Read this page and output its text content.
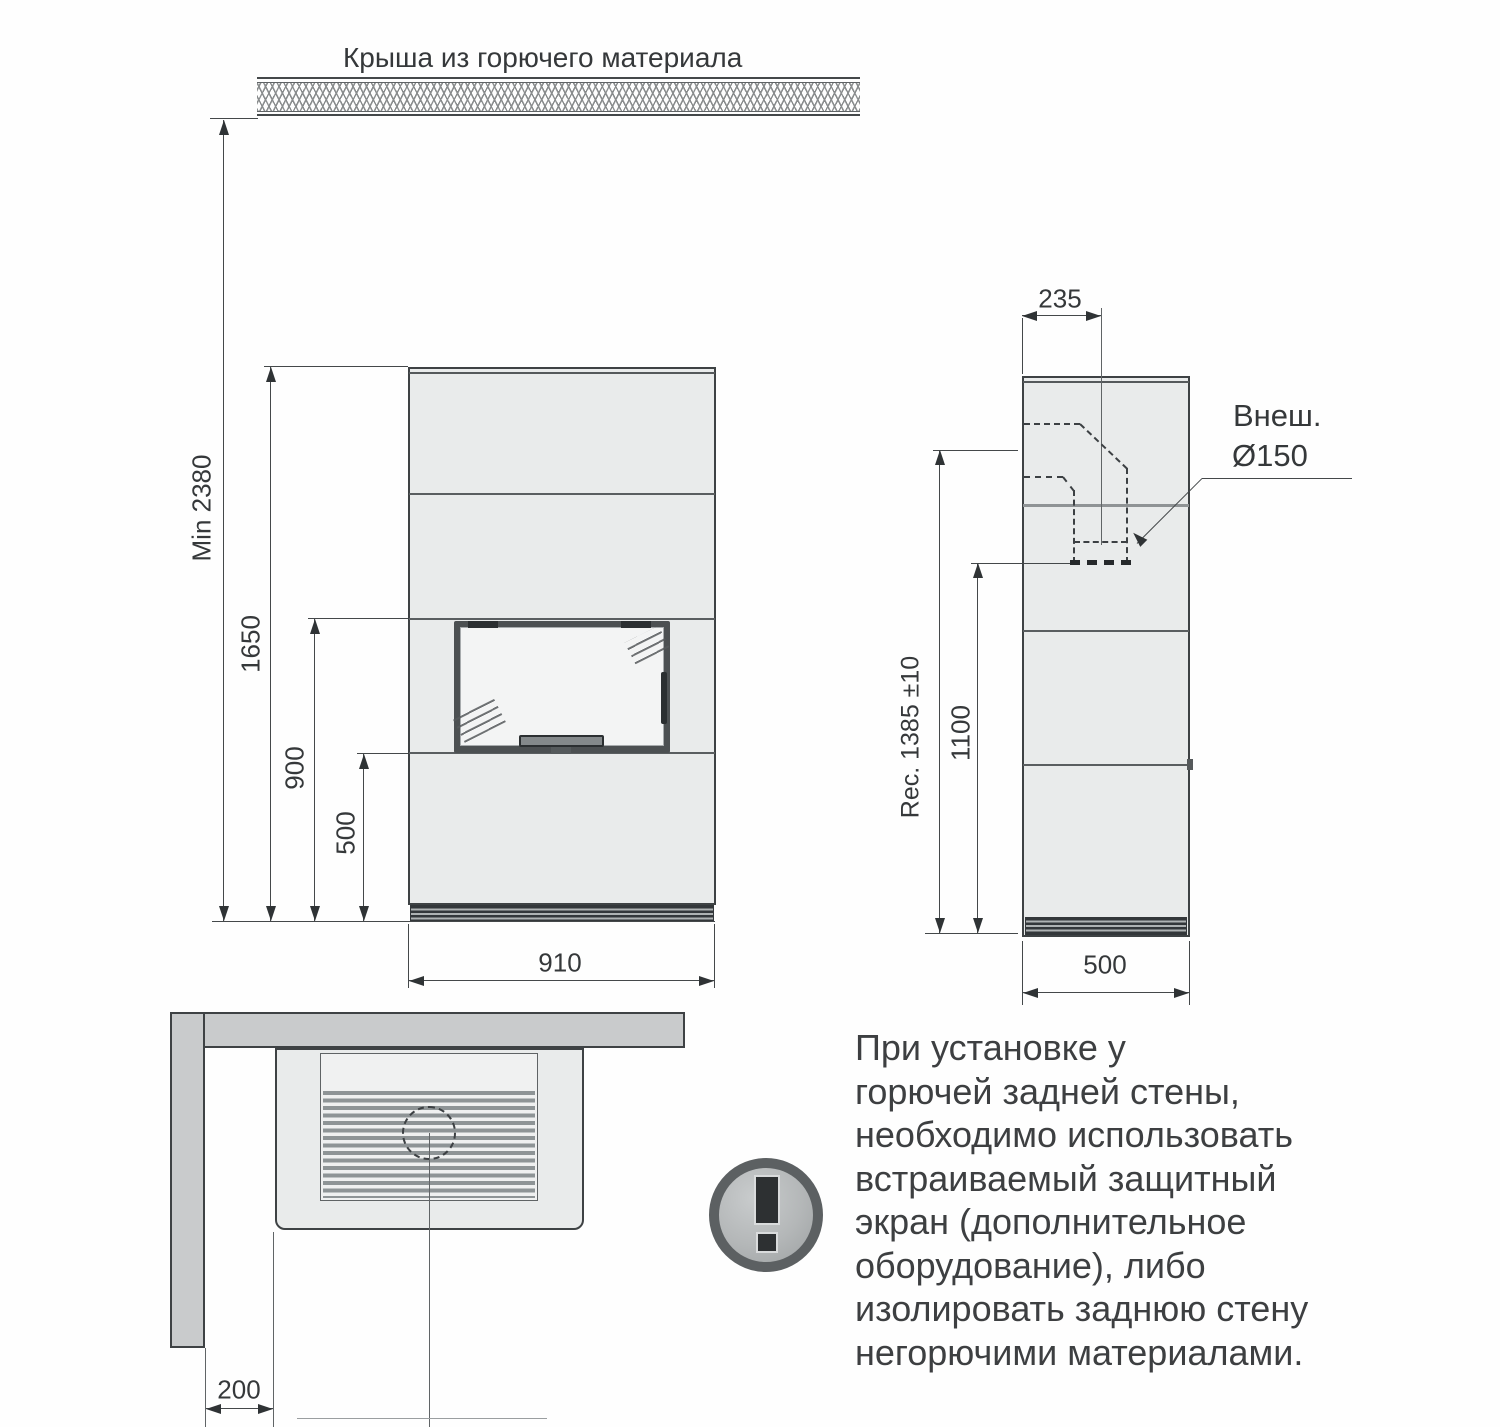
Крыша из горючего материала
Min 2380
1650
900
500
910
235
Внеш.
Ø150
Rec. 1385 ±10 1100
500
200
При установке у
горючей задней стены,
необходимо использовать
встраиваемый защитный
экран (дополнительное
оборудование), либо
изолировать заднюю стену
негорючими материалами.
